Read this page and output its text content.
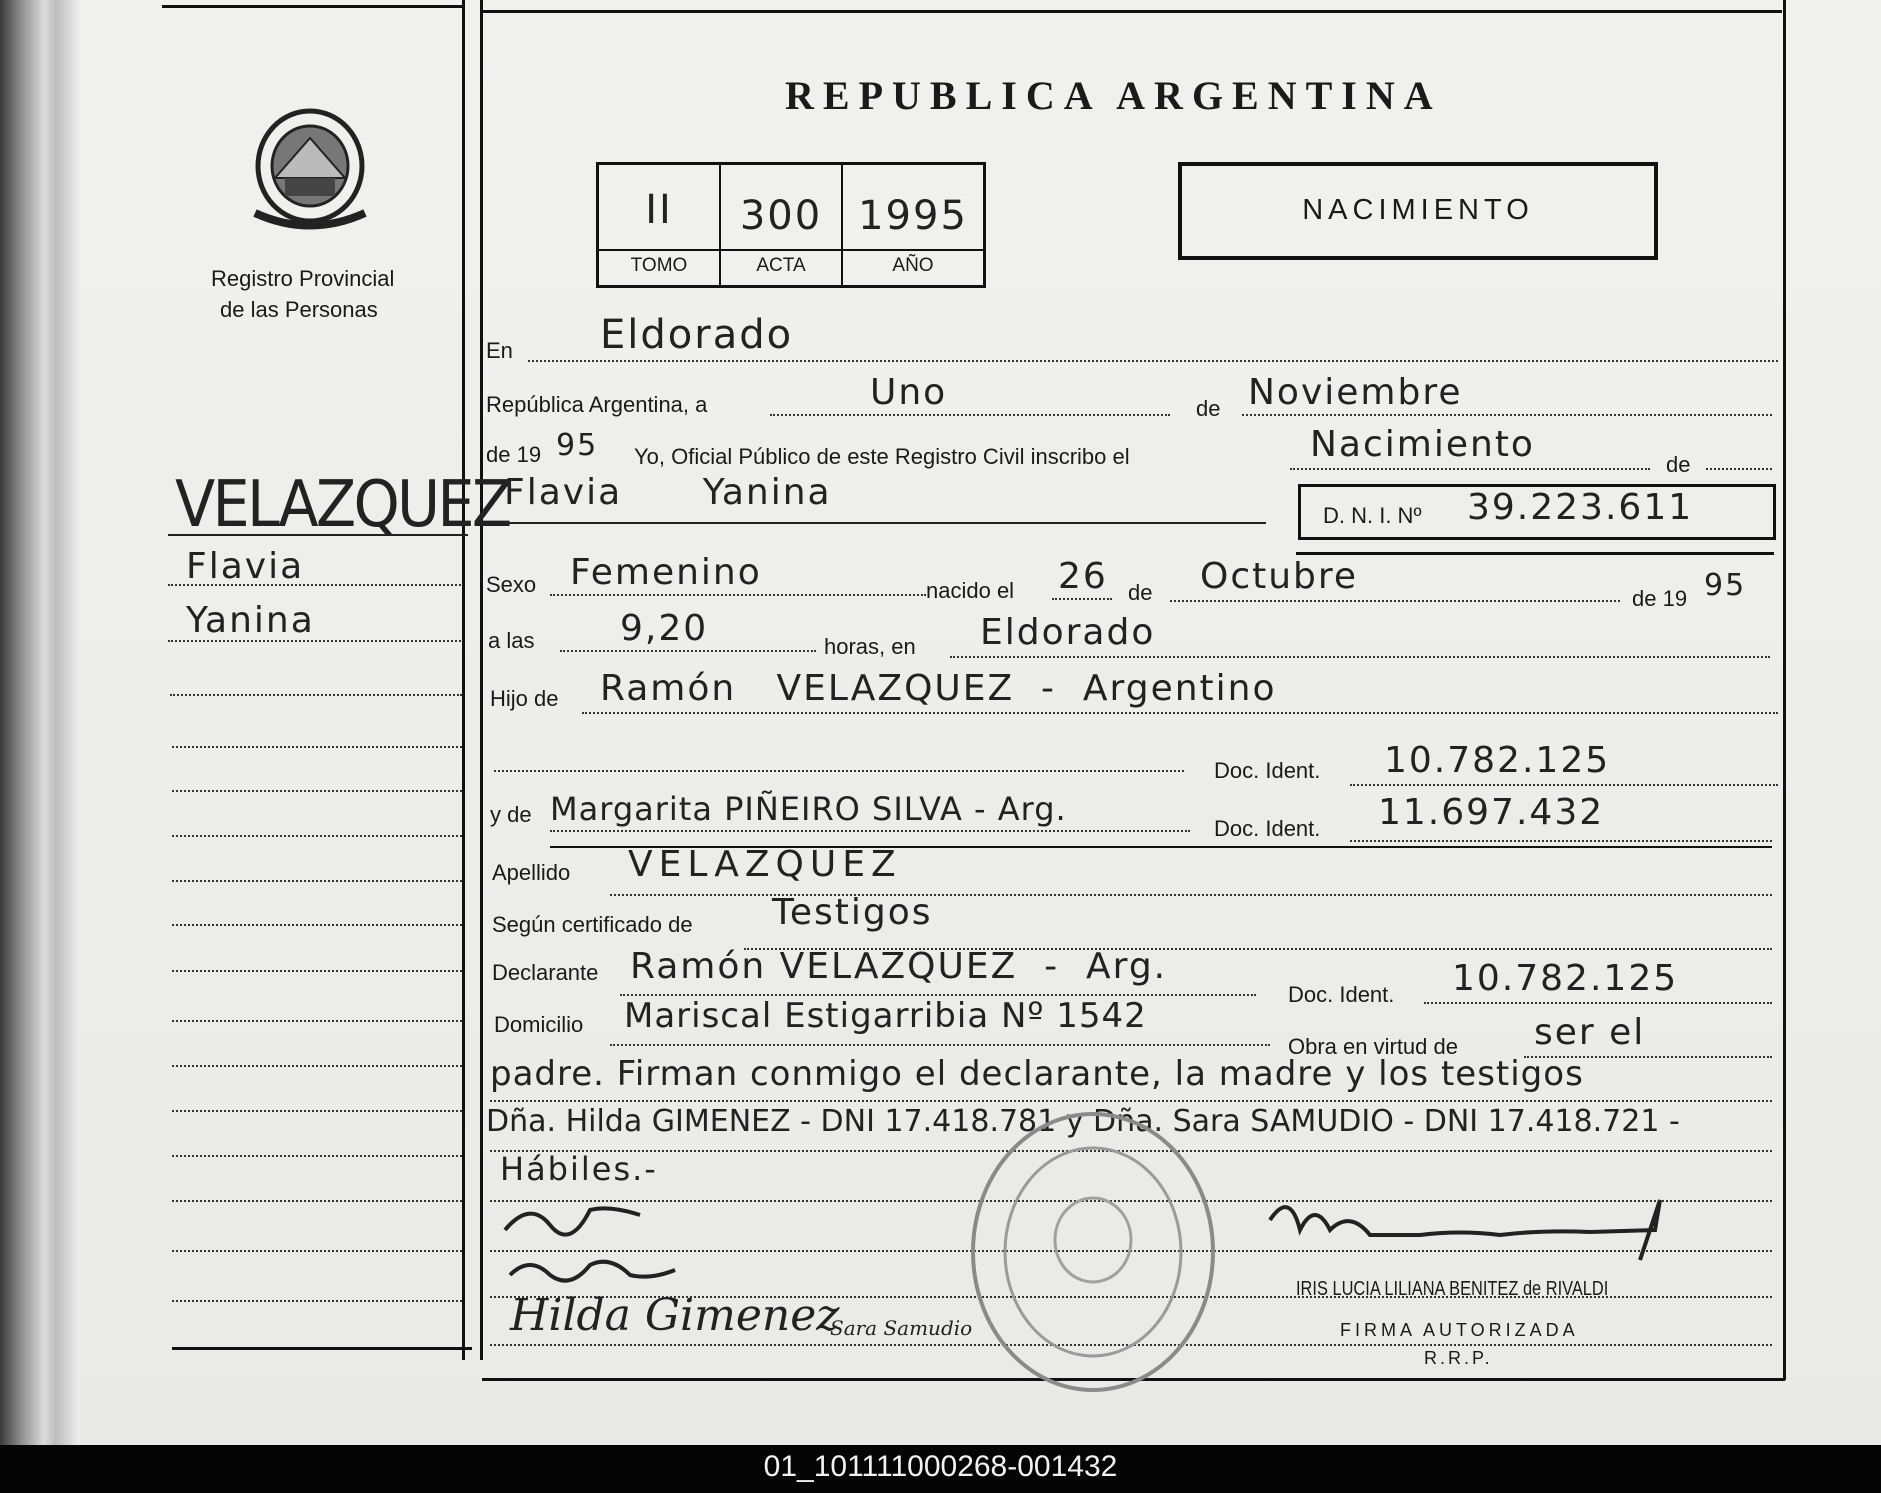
Registro Provincial
de las Personas
REPUBLICA ARGENTINA
II	300 1995
TOMO	ACTA	AÑO
NACIMIENTO
VELAZQUEZ
Flavia
Yanina
En Eldorado
República Argentina, a	Uno	de Noviembre
de 19 95 Yo, Oficial Público de este Registro Civil inscribo el	Nacimiento	de
Flavia      Yanina
D. N. I. Nº 39.223.611
Sexo Femenino	nacido el 26 de Octubre
de 19 95
a las 9,20	horas, en Eldorado
Hijo de Ramón   VELAZQUEZ  -  Argentino
Doc. Ident. 10.782.125
y de Margarita PIÑEIRO SILVA - Arg.
Doc. Ident. 11.697.432
Apellido VELAZQUEZ
Según certificado de Testigos
Declarante Ramón VELAZQUEZ  -  Arg.
Doc. Ident. 10.782.125
Domicilio Mariscal Estigarribia Nº 1542
Obra en virtud de ser el
padre. Firman conmigo el declarante, la madre y los testigos
Dña. Hilda GIMENEZ - DNI 17.418.781 y Dña. Sara SAMUDIO - DNI 17.418.721 -
Hábiles.-
Hilda Gimenez
Sara Samudio
IRIS LUCIA LILIANA BENITEZ de RIVALDI
FIRMA AUTORIZADA
R.R.P.
01_101111000268-001432
